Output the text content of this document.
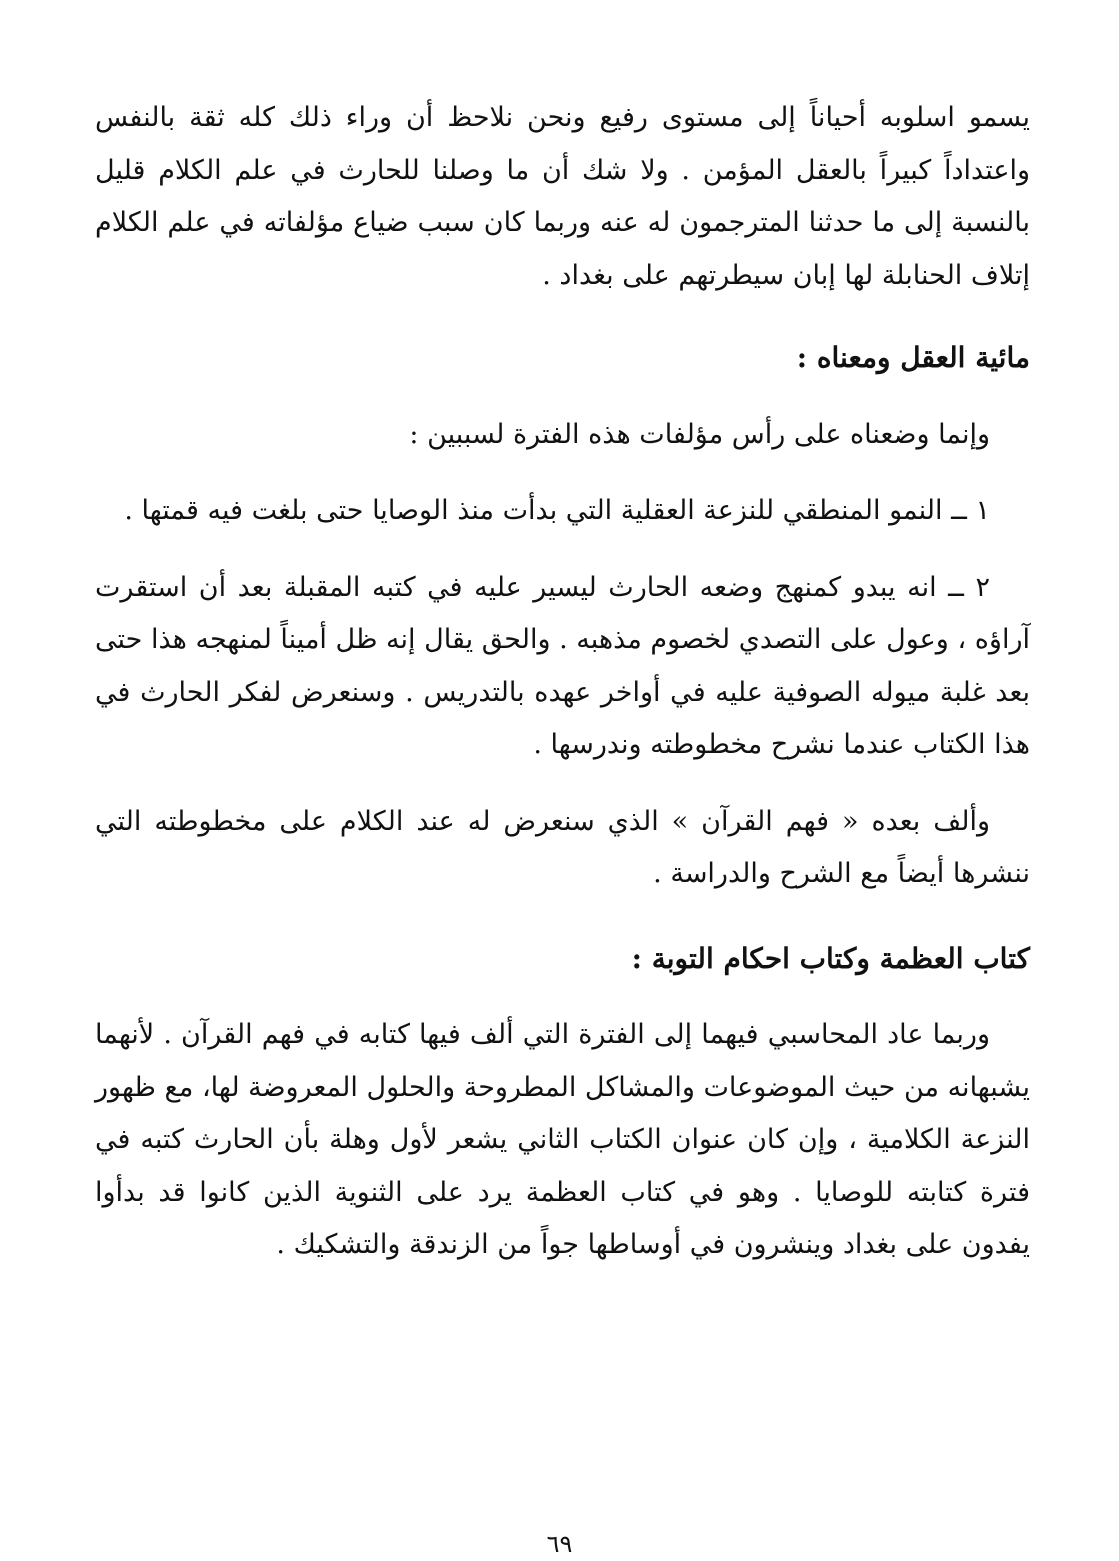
يسمو اسلوبه أحياناً إلى مستوى رفيع ونحن نلاحظ أن وراء ذلك كله ثقة بالنفس واعتداداً كبيراً بالعقل المؤمن . ولا شك أن ما وصلنا للحارث في علم الكلام قليل بالنسبة إلى ما حدثنا المترجمون له عنه وربما كان سبب ضياع مؤلفاته في علم الكلام إتلاف الحنابلة لها إبان سيطرتهم على بغداد .

مائية العقل ومعناه :

وإنما وضعناه على رأس مؤلفات هذه الفترة لسببين :

١ ــ النمو المنطقي للنزعة العقلية التي بدأت منذ الوصايا حتى بلغت فيه قمتها .

٢ ــ انه يبدو كمنهج وضعه الحارث ليسير عليه في كتبه المقبلة بعد أن استقرت آراؤه ، وعول على التصدي لخصوم مذهبه . والحق يقال إنه ظل أميناً لمنهجه هذا حتى بعد غلبة ميوله الصوفية عليه في أواخر عهده بالتدريس . وسنعرض لفكر الحارث في هذا الكتاب عندما نشرح مخطوطته وندرسها .

وألف بعده « فهم القرآن » الذي سنعرض له عند الكلام على مخطوطته التي ننشرها أيضاً مع الشرح والدراسة .

كتاب العظمة وكتاب احكام التوبة :

وربما عاد المحاسبي فيهما إلى الفترة التي ألف فيها كتابه في فهم القرآن . لأنهما يشبهانه من حيث الموضوعات والمشاكل المطروحة والحلول المعروضة لها، مع ظهور النزعة الكلامية ، وإن كان عنوان الكتاب الثاني يشعر لأول وهلة بأن الحارث كتبه في فترة كتابته للوصايا . وهو في كتاب العظمة يرد على الثنوية الذين كانوا قد بدأوا يفدون على بغداد وينشرون في أوساطها جواً من الزندقة والتشكيك .

٦٩
